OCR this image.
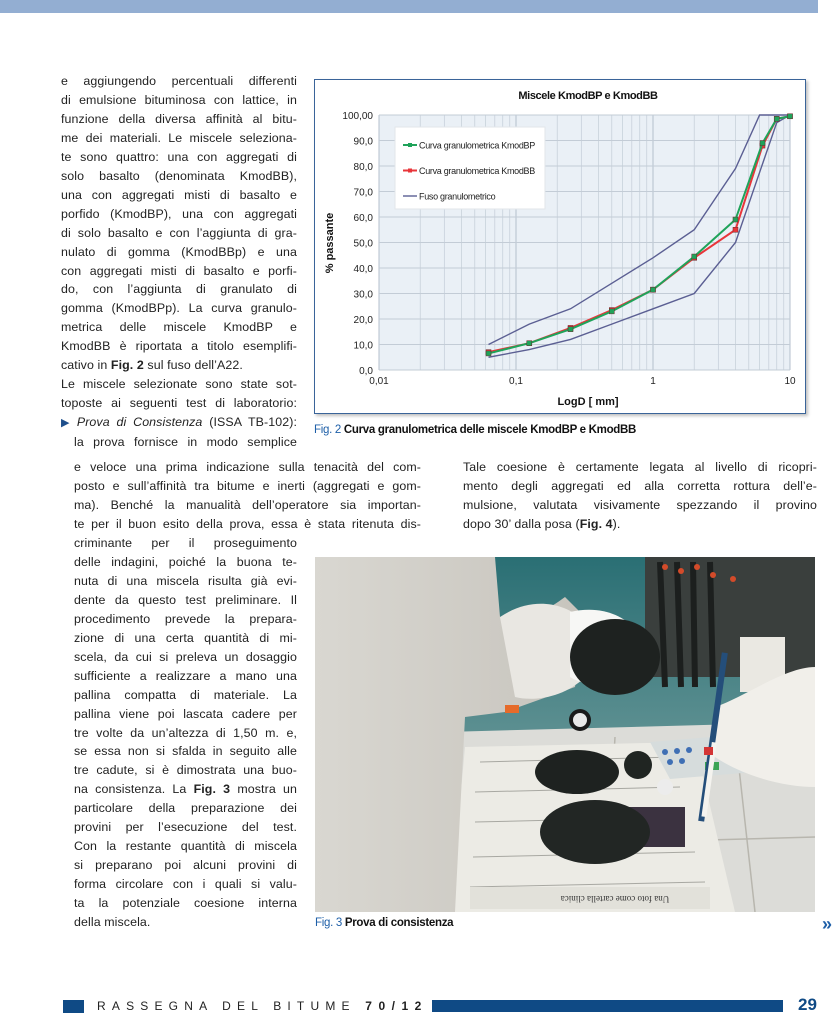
e aggiungendo percentuali differenti
di emulsione bituminosa con lattice, in
funzione della diversa affinità al bitu-
me dei materiali. Le miscele seleziona-
te sono quattro: una con aggregati di
solo basalto (denominata KmodBB),
una con aggregati misti di basalto e
porfido (KmodBP), una con aggregati
di solo basalto e con l’aggiunta di gra-
nulato di gomma (KmodBBp) e una
con aggregati misti di basalto e porfi-
do, con l’aggiunta di granulato di
gomma (KmodBPp). La curva granulo-
metrica delle miscele KmodBP e
KmodBB è riportata a titolo esemplifi-
cativo in Fig. 2 sul fuso dell’A22.
Le miscele selezionate sono state sot-
toposte ai seguenti test di laboratorio:
▶ Prova di Consistenza (ISSA TB-102):
la prova fornisce in modo semplice
e veloce una prima indicazione sulla tenacità del com-
posto e sull’affinità tra bitume e inerti (aggregati e gom-
ma). Benché la manualità dell’operatore sia importan-
te per il buon esito della prova, essa è stata ritenuta dis-
criminante per il proseguimento
delle indagini, poiché la buona te-
nuta di una miscela risulta già evi-
dente da questo test preliminare. Il
procedimento prevede la prepara-
zione di una certa quantità di mi-
scela, da cui si preleva un dosaggio
sufficiente a realizzare a mano una
pallina compatta di materiale. La
pallina viene poi lascata cadere per
tre volte da un’altezza di 1,50 m. e,
se essa non si sfalda in seguito alle
tre cadute, si è dimostrata una buo-
na consistenza. La Fig. 3 mostra un
particolare della preparazione dei
provini per l’esecuzione del test.
Con la restante quantità di miscela
si preparano poi alcuni provini di
forma circolare con i quali si valu-
ta la potenziale coesione interna
della miscela.
Tale coesione è certamente legata al livello di ricopri-
mento degli aggregati ed alla corretta rottura dell’e-
mulsione, valutata visivamente spezzando il provino
dopo 30’ dalla posa (Fig. 4).
0,0
10,0
20,0
30,0
40,0
50,0
60,0
70,0
80,0
90,0
100,00
0,01	0,1	1	10
Miscele KmodBP e KmodBB
LogD [ mm]
% passante
Curva granulometrica KmodBP
Curva granulometrica KmodBB
Fuso granulometrico
Fig. 2 Curva granulometrica delle miscele KmodBP e KmodBB
Una foto come cartella clinica
Fig. 3 Prova di consistenza	»
RASSEGNA DEL BITUME 70/12	29
